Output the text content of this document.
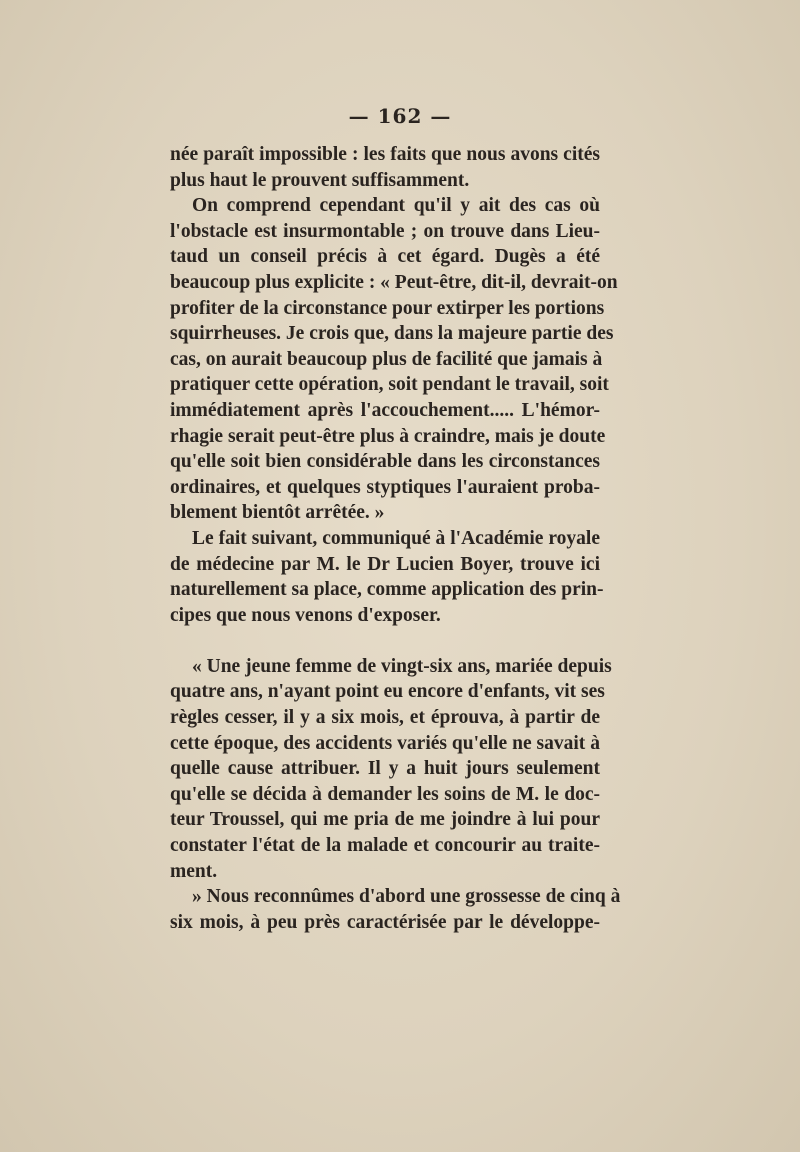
— 162 —
née paraît impossible : les faits que nous avons cités
plus haut le prouvent suffisamment.
On comprend cependant qu'il y ait des cas où
l'obstacle est insurmontable ; on trouve dans Lieu-
taud un conseil précis à cet égard. Dugès a été
beaucoup plus explicite : « Peut-être, dit-il, devrait-on
profiter de la circonstance pour extirper les portions
squirrheuses. Je crois que, dans la majeure partie des
cas, on aurait beaucoup plus de facilité que jamais à
pratiquer cette opération, soit pendant le travail, soit
immédiatement après l'accouchement..... L'hémor-
rhagie serait peut-être plus à craindre, mais je doute
qu'elle soit bien considérable dans les circonstances
ordinaires, et quelques styptiques l'auraient proba-
blement bientôt arrêtée. »
Le fait suivant, communiqué à l'Académie royale
de médecine par M. le Dr Lucien Boyer, trouve ici
naturellement sa place, comme application des prin-
cipes que nous venons d'exposer.
« Une jeune femme de vingt-six ans, mariée depuis
quatre ans, n'ayant point eu encore d'enfants, vit ses
règles cesser, il y a six mois, et éprouva, à partir de
cette époque, des accidents variés qu'elle ne savait à
quelle cause attribuer. Il y a huit jours seulement
qu'elle se décida à demander les soins de M. le doc-
teur Troussel, qui me pria de me joindre à lui pour
constater l'état de la malade et concourir au traite-
ment.
» Nous reconnûmes d'abord une grossesse de cinq à
six mois, à peu près caractérisée par le développe-
